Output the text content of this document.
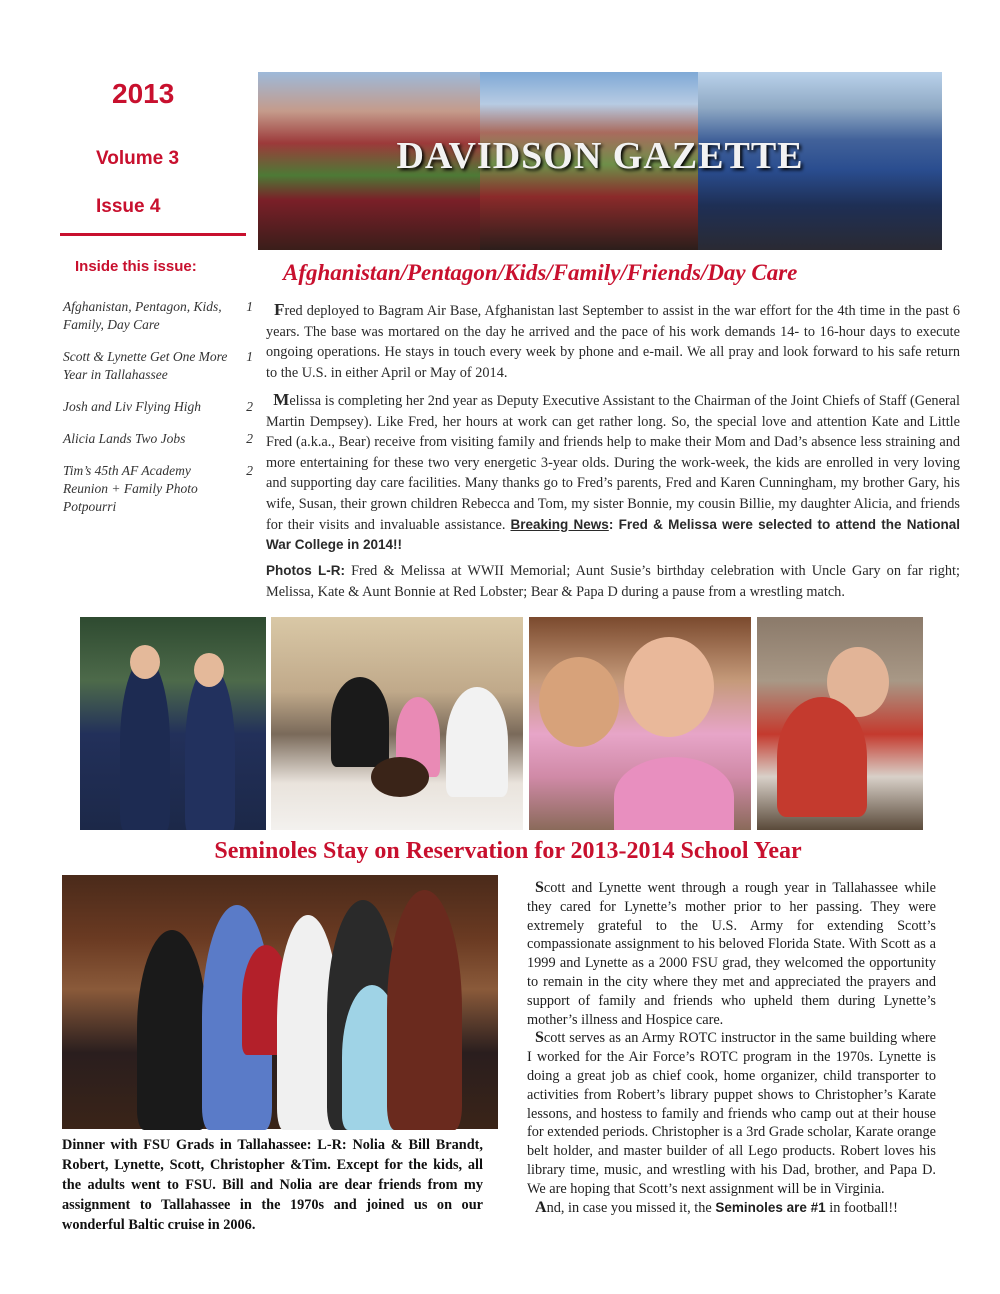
2013
Volume 3
Issue 4
Inside this issue:
Afghanistan, Pentagon, Kids, Family, Day Care
1
Scott & Lynette Get One More Year in Tallahassee
1
Josh and Liv Flying High	2
Alicia Lands Two Jobs	2
Tim’s 45th AF Academy Reunion + Family Photo Potpourri
2
DAVIDSON GAZETTE
Afghanistan/Pentagon/Kids/Family/Friends/Day Care
Fred deployed to Bagram Air Base, Afghanistan last September to assist in the war effort for the 4th time in the past 6 years. The base was mortared on the day he arrived and the pace of his work demands 14- to 16-hour days to execute ongoing operations. He stays in touch every week by phone and e-mail. We all pray and look forward to his safe return to the U.S. in either April or May of 2014.
Melissa is completing her 2nd year as Deputy Executive Assistant to the Chairman of the Joint Chiefs of Staff (General Martin Dempsey). Like Fred, her hours at work can get rather long. So, the special love and attention Kate and Little Fred (a.k.a., Bear) receive from visiting family and friends help to make their Mom and Dad’s absence less straining and more entertaining for these two very energetic 3-year olds. During the work-week, the kids are enrolled in very loving and supporting day care facilities. Many thanks go to Fred’s parents, Fred and Karen Cunningham, my brother Gary, his wife, Susan, their grown children Rebecca and Tom, my sister Bonnie, my cousin Billie, my daughter Alicia, and friends for their visits and invaluable assistance. Breaking News: Fred & Melissa were selected to attend the National War College in 2014!!
Photos L-R: Fred & Melissa at WWII Memorial; Aunt Susie’s birthday celebration with Uncle Gary on far right; Melissa, Kate & Aunt Bonnie at Red Lobster; Bear & Papa D during a pause from a wrestling match.
Seminoles Stay on Reservation for 2013-2014 School Year
Dinner with FSU Grads in Tallahassee: L-R: Nolia & Bill Brandt, Robert, Lynette, Scott, Christopher &Tim. Except for the kids, all the adults went to FSU. Bill and Nolia are dear friends from my assignment to Tallahassee in the 1970s and joined us on our wonderful Baltic cruise in 2006.

Scott and Lynette went through a rough year in Tallahassee while they cared for Lynette’s mother prior to her passing. They were extremely grateful to the U.S. Army for extending Scott’s compassionate assignment to his beloved Florida State. With Scott as a 1999 and Lynette as a 2000 FSU grad, they welcomed the opportunity to remain in the city where they met and appreciated the prayers and support of family and friends who upheld them during Lynette’s mother’s illness and Hospice care.

Scott serves as an Army ROTC instructor in the same building where I worked for the Air Force’s ROTC program in the 1970s. Lynette is doing a great job as chief cook, home organizer, child transporter to activities from Robert’s library puppet shows to Christopher’s Karate lessons, and hostess to family and friends who camp out at their house for extended periods. Christopher is a 3rd Grade scholar, Karate orange belt holder, and master builder of all Lego products. Robert loves his library time, music, and wrestling with his Dad, brother, and Papa D. We are hoping that Scott’s next assignment will be in Virginia.

And, in case you missed it, the Seminoles are #1 in football!!
